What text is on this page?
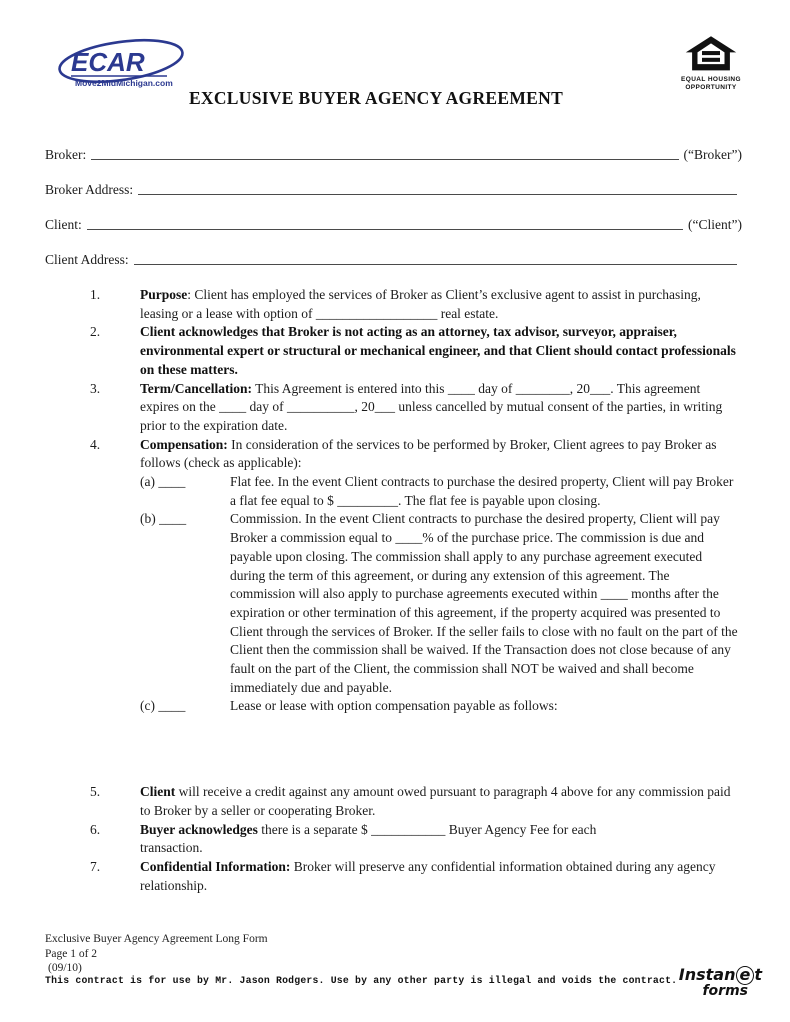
ECAR
Move2MidMichigan.com	EQUAL HOUSING
OPPORTUNITY
EXCLUSIVE BUYER AGENCY AGREEMENT
Broker:	(“Broker”)
Broker Address:
Client:	(“Client”)
Client Address:
1.	Purpose: Client has employed the services of Broker as Client’s exclusive agent to assist in purchasing, leasing or a lease with option of __________________ real estate.
2.	Client acknowledges that Broker is not acting as an attorney, tax advisor, surveyor, appraiser, environmental expert or structural or mechanical engineer, and that Client should contact professionals on these matters.
3.	Term/Cancellation: This Agreement is entered into this ____ day of ________, 20___. This agreement expires on the ____ day of __________, 20___ unless cancelled by mutual consent of the parties, in writing prior to the expiration date.
4.	Compensation: In consideration of the services to be performed by Broker, Client agrees to pay Broker as follows (check as applicable):
(a) ____	Flat fee. In the event Client contracts to purchase the desired property, Client will pay Broker a flat fee equal to $ _________. The flat fee is payable upon closing.
(b) ____	Commission. In the event Client contracts to purchase the desired property, Client will pay Broker a commission equal to ____% of the purchase price. The commission is due and payable upon closing. The commission shall apply to any purchase agreement executed during the term of this agreement, or during any extension of this agreement. The commission will also apply to purchase agreements executed within ____ months after the expiration or other termination of this agreement, if the property acquired was presented to Client through the services of Broker. If the seller fails to close with no fault on the part of the Client then the commission shall be waived. If the Transaction does not close because of any fault on the part of the Client, the commission shall NOT be waived and shall become immediately due and payable.
(c) ____	Lease or lease with option compensation payable as follows:
5.	Client will receive a credit against any amount owed pursuant to paragraph 4 above for any commission paid to Broker by a seller or cooperating Broker.
6.	Buyer acknowledges there is a separate $ ___________ Buyer Agency Fee for each transaction.
7.	Confidential Information: Broker will preserve any confidential information obtained during any agency relationship.
Exclusive Buyer Agency Agreement Long Form
Page 1 of 2
(09/10)
This contract is for use by Mr. Jason Rodgers. Use by any other party is illegal and voids the contract. Instan e t
forms
